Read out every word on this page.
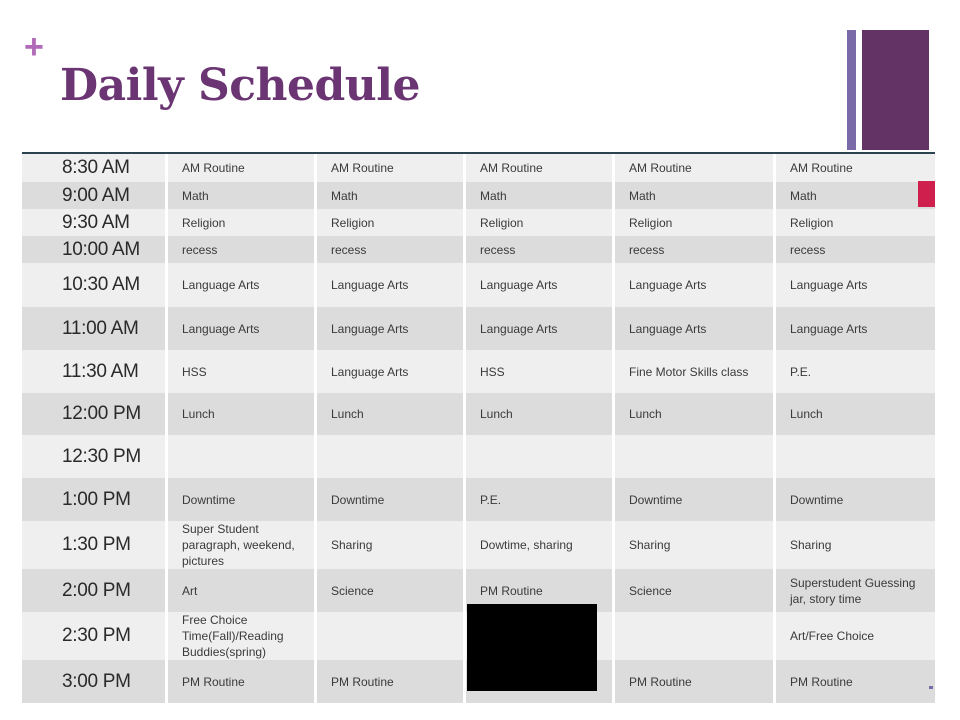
+
Daily Schedule
8:30 AM	AM Routine	AM Routine	AM Routine	AM Routine	AM Routine
9:00 AM	Math	Math	Math	Math	Math
9:30 AM	Religion	Religion	Religion	Religion	Religion
10:00 AM	recess	recess	recess	recess	recess
10:30 AM	Language Arts	Language Arts	Language Arts	Language Arts	Language Arts
11:00 AM	Language Arts	Language Arts	Language Arts	Language Arts	Language Arts
11:30 AM	HSS	Language Arts	HSS	Fine Motor Skills class	P.E.
12:00 PM	Lunch	Lunch	Lunch	Lunch	Lunch
12:30 PM					
1:00 PM	Downtime	Downtime	P.E.	Downtime	Downtime
1:30 PM	Super Student paragraph, weekend, pictures	Sharing	Dowtime, sharing	Sharing	Sharing
2:00 PM	Art	Science	PM Routine	Science	Superstudent Guessing jar, story time
2:30 PM	Free Choice Time(Fall)/Reading Buddies(spring)				Art/Free Choice
3:00 PM	PM Routine	PM Routine		PM Routine	PM Routine
